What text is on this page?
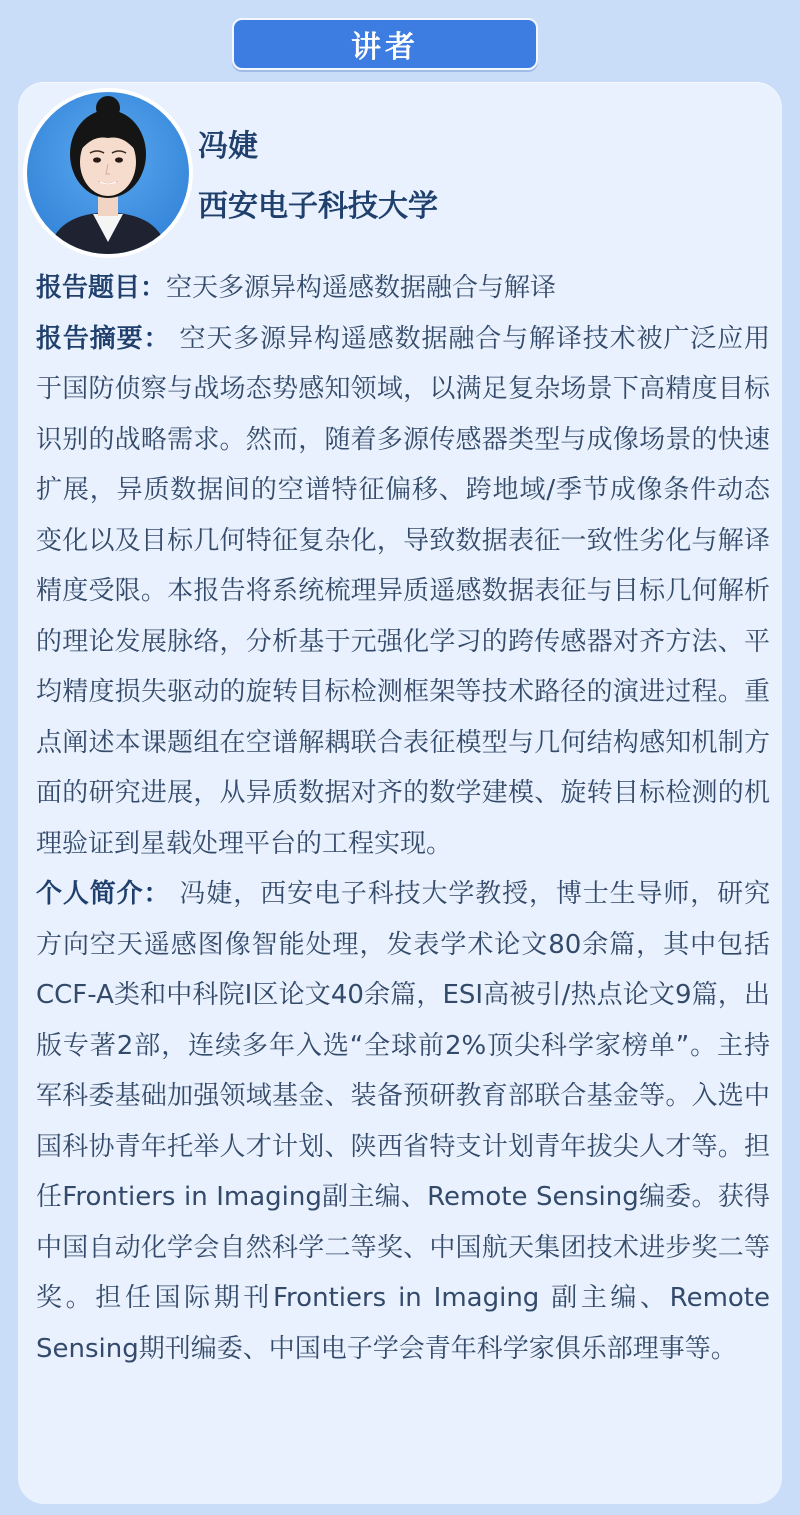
讲者
冯婕
西安电子科技大学

报告题目：空天多源异构遥感数据融合与解译

报告摘要： 空天多源异构遥感数据融合与解译技术被广泛应用于国防侦察与战场态势感知领域，以满足复杂场景下高精度目标识别的战略需求。然而，随着多源传感器类型与成像场景的快速扩展，异质数据间的空谱特征偏移、跨地域/季节成像条件动态变化以及目标几何特征复杂化，导致数据表征一致性劣化与解译精度受限。本报告将系统梳理异质遥感数据表征与目标几何解析的理论发展脉络，分析基于元强化学习的跨传感器对齐方法、平均精度损失驱动的旋转目标检测框架等技术路径的演进过程。重点阐述本课题组在空谱解耦联合表征模型与几何结构感知机制方面的研究进展，从异质数据对齐的数学建模、旋转目标检测的机理验证到星载处理平台的工程实现。

个人简介： 冯婕，西安电子科技大学教授，博士生导师，研究方向空天遥感图像智能处理，发表学术论文80余篇，其中包括CCF-A类和中科院I区论文40余篇，ESI高被引/热点论文9篇，出版专著2部，连续多年入选“全球前2%顶尖科学家榜单”。主持军科委基础加强领域基金、装备预研教育部联合基金等。入选中国科协青年托举人才计划、陕西省特支计划青年拔尖人才等。担任Frontiers in Imaging副主编、Remote Sensing编委。获得中国自动化学会自然科学二等奖、中国航天集团技术进步奖二等奖。担任国际期刊Frontiers in Imaging 副主编、Remote Sensing期刊编委、中国电子学会青年科学家俱乐部理事等。
